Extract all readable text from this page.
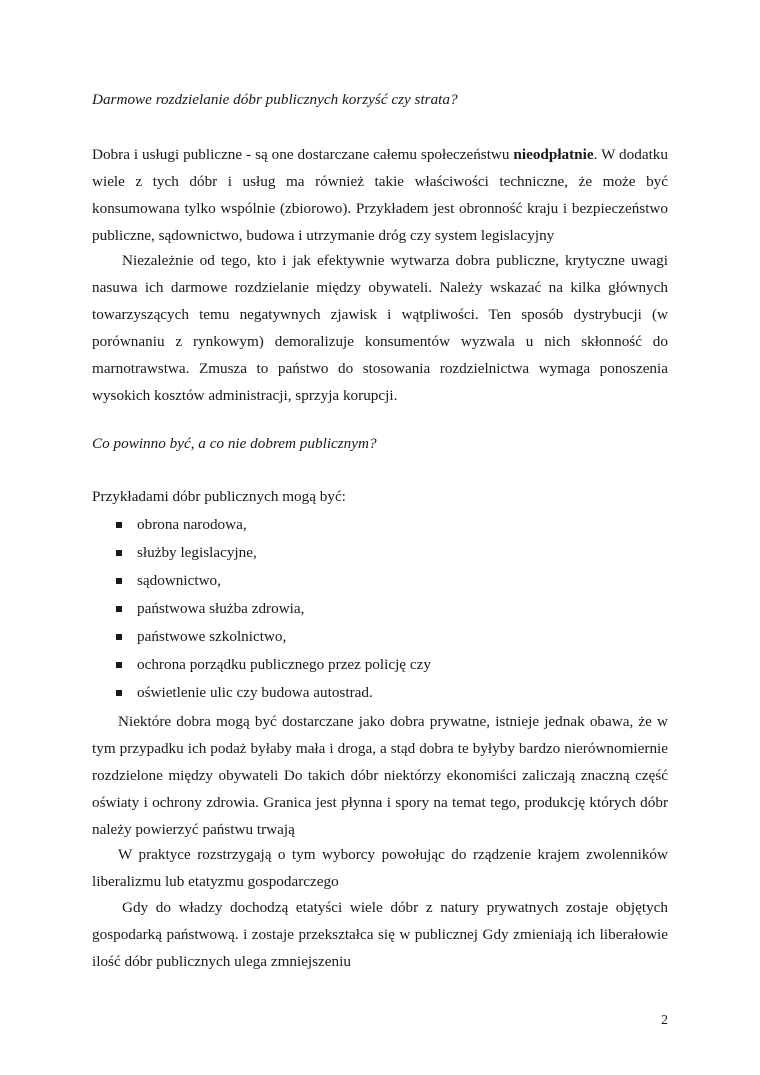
Darmowe rozdzielanie dóbr publicznych korzyść czy strata?

Dobra i usługi publiczne - są one dostarczane całemu społeczeństwu nieodpłatnie. W dodatku wiele z tych dóbr i usług ma również takie właściwości techniczne, że może być konsumowana tylko wspólnie (zbiorowo). Przykładem jest obronność kraju i bezpieczeństwo publiczne, sądownictwo, budowa i utrzymanie dróg czy system legislacyjny

Niezależnie od tego, kto i jak efektywnie wytwarza dobra publiczne, krytyczne uwagi nasuwa ich darmowe rozdzielanie między obywateli. Należy wskazać na kilka głównych towarzyszących temu negatywnych zjawisk i wątpliwości. Ten sposób dystrybucji (w porównaniu z rynkowym) demoralizuje konsumentów wyzwala u nich skłonność do marnotrawstwa. Zmusza to państwo do stosowania rozdzielnictwa wymaga ponoszenia wysokich kosztów administracji, sprzyja korupcji.

Co powinno być, a co nie dobrem publicznym?

Przykładami dóbr publicznych mogą być:

obrona narodowa,
służby legislacyjne,
sądownictwo,
państwowa służba zdrowia,
państwowe szkolnictwo,
ochrona porządku publicznego przez policję czy
oświetlenie ulic czy budowa autostrad.

Niektóre dobra mogą być dostarczane jako dobra prywatne, istnieje jednak obawa, że w tym przypadku ich podaż byłaby mała i droga, a stąd dobra te byłyby bardzo nierównomiernie rozdzielone między obywateli Do takich dóbr niektórzy ekonomiści zaliczają znaczną część oświaty i ochrony zdrowia. Granica jest płynna i spory na temat tego, produkcję których dóbr należy powierzyć państwu trwają

W praktyce rozstrzygają o tym wyborcy powołując do rządzenie krajem zwolenników liberalizmu lub etatyzmu gospodarczego

Gdy do władzy dochodzą etatyści wiele dóbr z natury prywatnych zostaje objętych gospodarką państwową. i zostaje przekształca się w publicznej Gdy zmieniają ich liberałowie ilość dóbr publicznych ulega zmniejszeniu

2
